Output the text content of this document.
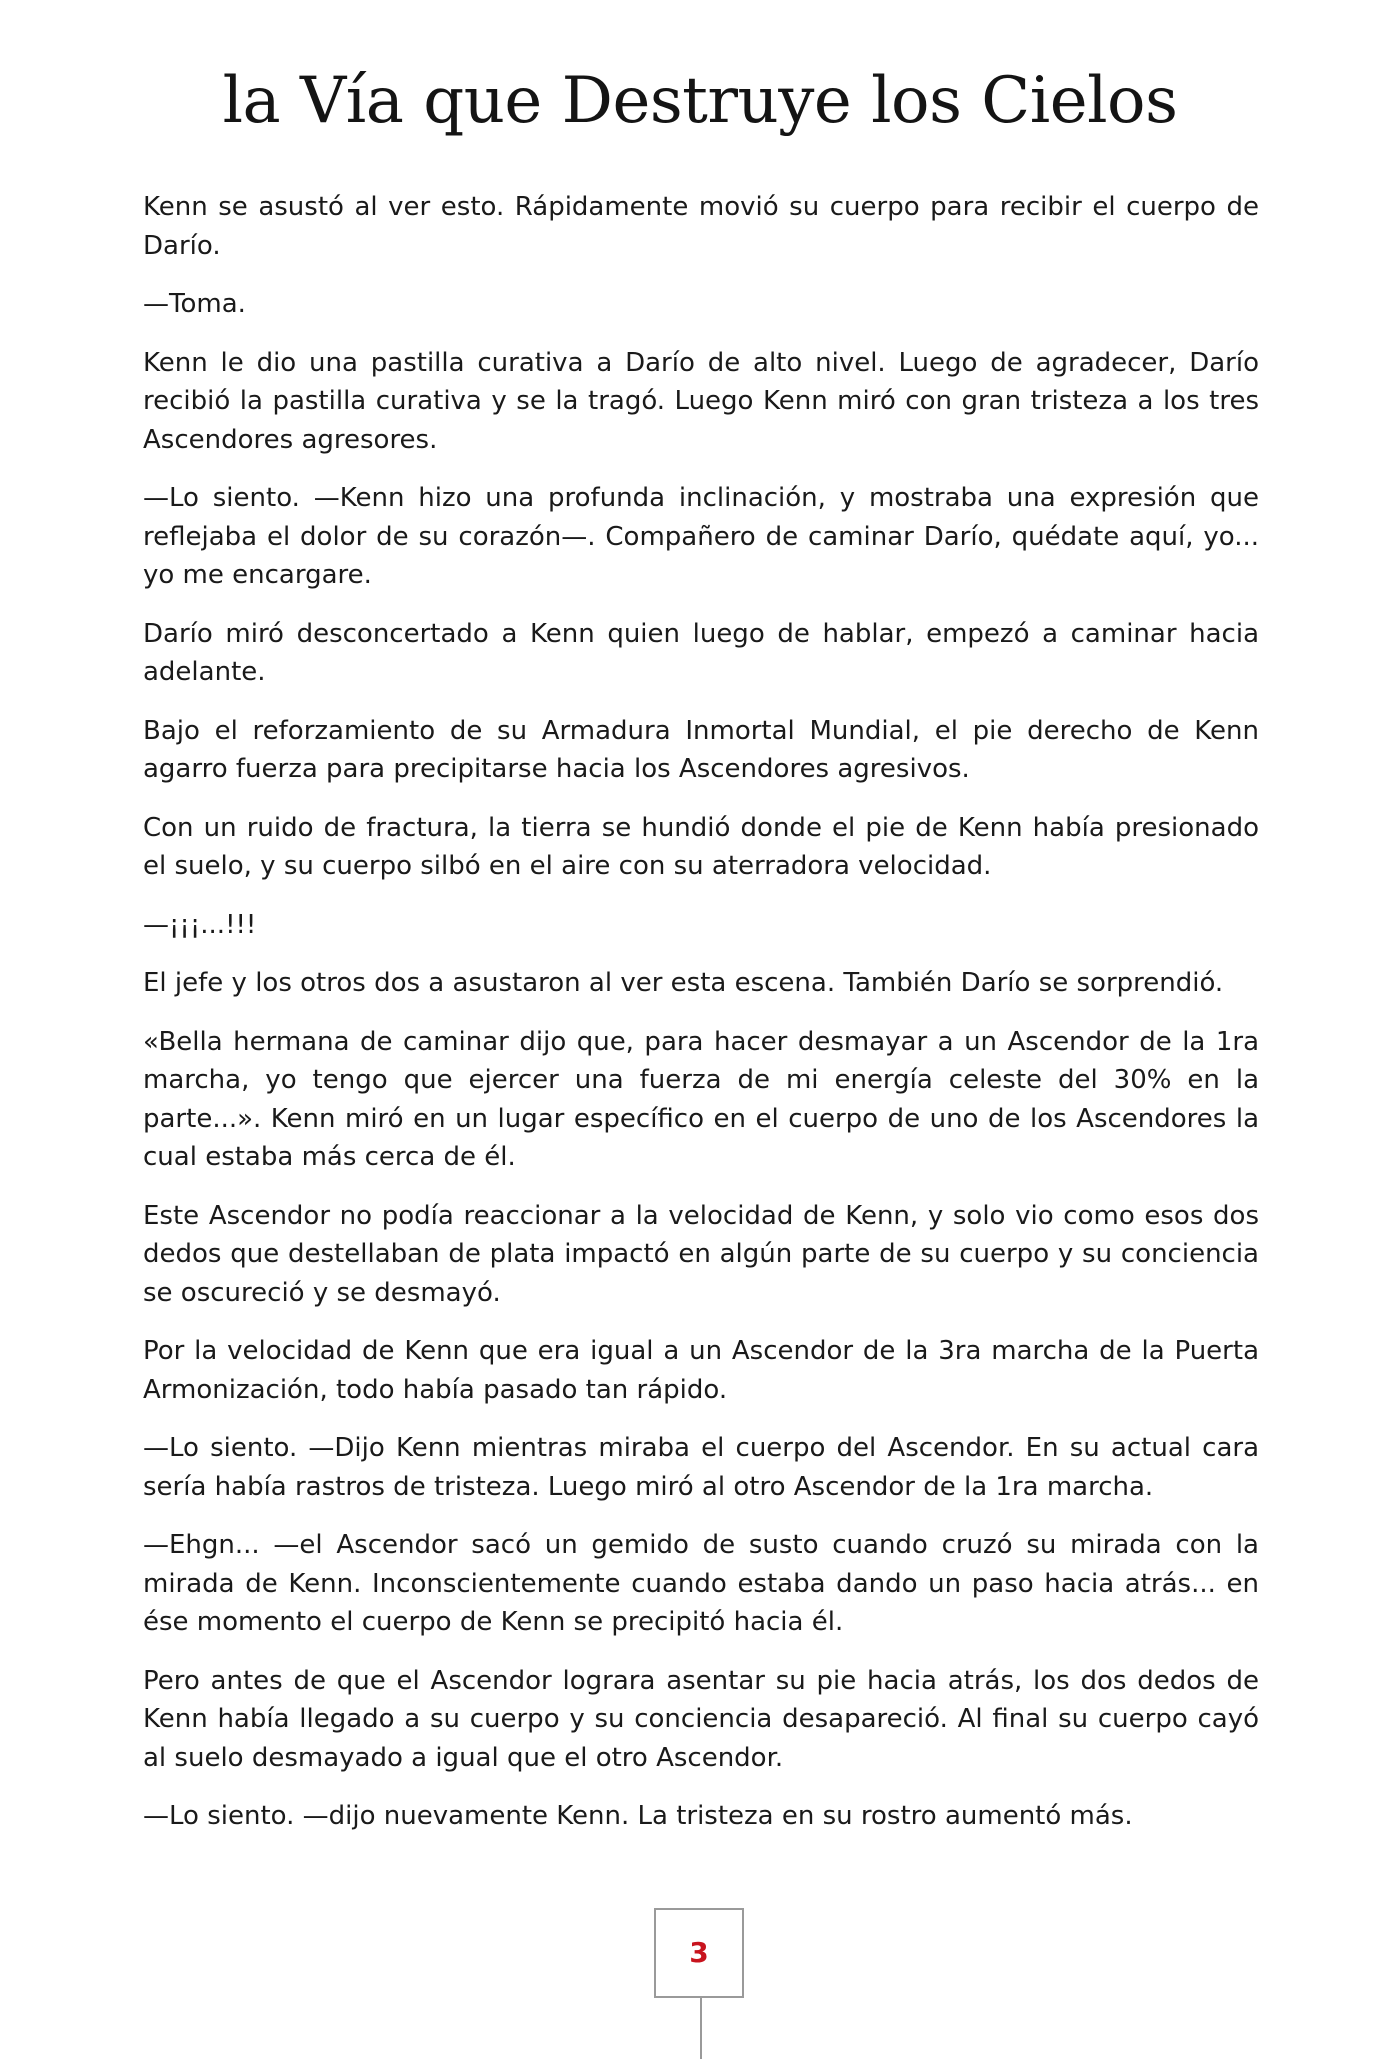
la Vía que Destruye los Cielos

Kenn se asustó al ver esto. Rápidamente movió su cuerpo para recibir el cuerpo de Darío.

—Toma.

Kenn le dio una pastilla curativa a Darío de alto nivel. Luego de agradecer, Darío recibió la pastilla curativa y se la tragó. Luego Kenn miró con gran tristeza a los tres Ascendores agresores.

—Lo siento. —Kenn hizo una profunda inclinación, y mostraba una expresión que reflejaba el dolor de su corazón—. Compañero de caminar Darío, quédate aquí, yo... yo me encargare.

Darío miró desconcertado a Kenn quien luego de hablar, empezó a caminar hacia adelante.

Bajo el reforzamiento de su Armadura Inmortal Mundial, el pie derecho de Kenn agarro fuerza para precipitarse hacia los Ascendores agresivos.

Con un ruido de fractura, la tierra se hundió donde el pie de Kenn había presionado el suelo, y su cuerpo silbó en el aire con su aterradora velocidad.

—¡¡¡...!!!

El jefe y los otros dos a asustaron al ver esta escena. También Darío se sorprendió.

«Bella hermana de caminar dijo que, para hacer desmayar a un Ascendor de la 1ra marcha, yo tengo que ejercer una fuerza de mi energía celeste del 30% en la parte...». Kenn miró en un lugar específico en el cuerpo de uno de los Ascendores la cual estaba más cerca de él.

Este Ascendor no podía reaccionar a la velocidad de Kenn, y solo vio como esos dos dedos que destellaban de plata impactó en algún parte de su cuerpo y su conciencia se oscureció y se desmayó.

Por la velocidad de Kenn que era igual a un Ascendor de la 3ra marcha de la Puerta Armonización, todo había pasado tan rápido.

—Lo siento. —Dijo Kenn mientras miraba el cuerpo del Ascendor. En su actual cara sería había rastros de tristeza. Luego miró al otro Ascendor de la 1ra marcha.

—Ehgn... —el Ascendor sacó un gemido de susto cuando cruzó su mirada con la mirada de Kenn. Inconscientemente cuando estaba dando un paso hacia atrás... en ése momento el cuerpo de Kenn se precipitó hacia él.

Pero antes de que el Ascendor lograra asentar su pie hacia atrás, los dos dedos de Kenn había llegado a su cuerpo y su conciencia desapareció. Al final su cuerpo cayó al suelo desmayado a igual que el otro Ascendor.

—Lo siento. —dijo nuevamente Kenn. La tristeza en su rostro aumentó más.

3
